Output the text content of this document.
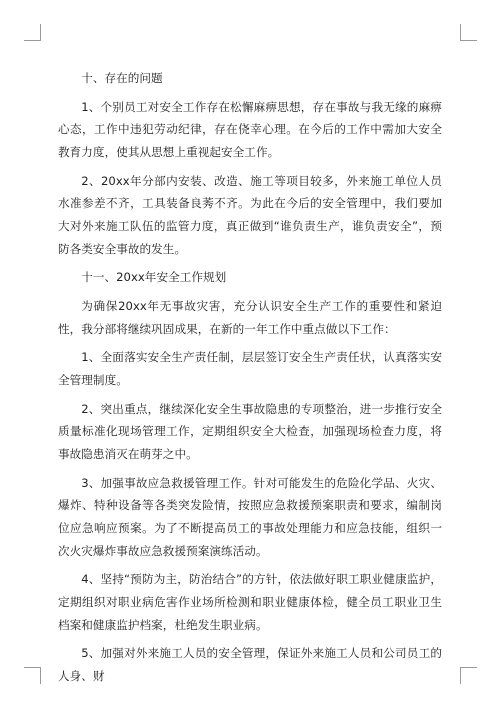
十、存在的问题

1、个别员工对安全工作存在松懈麻痹思想，存在事故与我无缘的麻痹心态，工作中违犯劳动纪律，存在侥幸心理。在今后的工作中需加大安全教育力度，使其从思想上重视起安全工作。

2、20xx年分部内安装、改造、施工等项目较多，外来施工单位人员水准参差不齐，工具装备良莠不齐。为此在今后的安全管理中，我们要加大对外来施工队伍的监管力度，真正做到“谁负责生产，谁负责安全”，预防各类安全事故的发生。

十一、20xx年安全工作规划

为确保20xx年无事故灾害，充分认识安全生产工作的重要性和紧迫性，我分部将继续巩固成果，在新的一年工作中重点做以下工作：

1、全面落实安全生产责任制，层层签订安全生产责任状，认真落实安全管理制度。

2、突出重点，继续深化安全生事故隐患的专项整治，进一步推行安全质量标准化现场管理工作，定期组织安全大检查，加强现场检查力度，将事故隐患消灭在萌芽之中。

3、加强事故应急救援管理工作。针对可能发生的危险化学品、火灾、爆炸、特种设备等各类突发险情，按照应急救援预案职责和要求，编制岗位应急响应预案。为了不断提高员工的事故处理能力和应急技能，组织一次火灾爆炸事故应急救援预案演练活动。

4、坚持“预防为主，防治结合”的方针，依法做好职工职业健康监护，定期组织对职业病危害作业场所检测和职业健康体检，健全员工职业卫生档案和健康监护档案，杜绝发生职业病。

5、加强对外来施工人员的安全管理，保证外来施工人员和公司员工的人身、财
